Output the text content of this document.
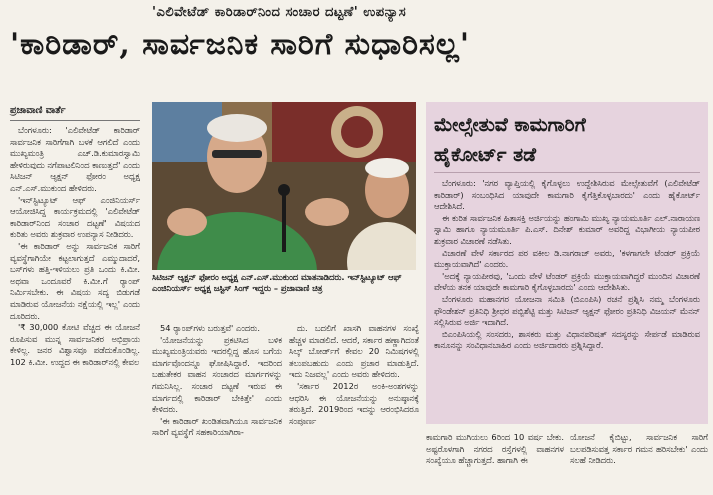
'ಎಲಿವೇಟೆಡ್ ಕಾರಿಡಾರ್‌ನಿಂದ ಸಂಚಾರ ದಟ್ಟಣೆ' ಉಪನ್ಯಾಸ
'ಕಾರಿಡಾರ್, ಸಾರ್ವಜನಿಕ ಸಾರಿಗೆ ಸುಧಾರಿಸಲ್ಲ'
ಪ್ರಜಾವಾಣಿ ವಾರ್ತೆ

ಬೆಂಗಳೂರು: 'ಎಲಿವೇಟೆಡ್ ಕಾರಿಡಾರ್ ಸಾರ್ವಜನಿಕ ಸಾರಿಗೆಗಾಗಿ ಬಳಕೆ ಆಗಲಿದೆ ಎಂದು ಮುಖ್ಯಮಂತ್ರಿ ಎಚ್.ಡಿ.ಕುಮಾರಸ್ವಾಮಿ ಹೇಳಿರುವುದು ನಗೆಪಾಟಲಿನಿಂದ ಕಾಣುತ್ತದೆ' ಎಂದು ಸಿಟಿಜನ್ ಆ್ಯಕ್ಷನ್ ಫೋರಂ ಅಧ್ಯಕ್ಷ ಎನ್.ಎಸ್.ಮುಕುಂದ ಹೇಳಿದರು.

'ಇನ್‌ಸ್ಟಿಟ್ಯೂಟ್ ಆಫ್ ಎಂಜಿನಿಯರ್ಸ್ ಆಯೋಜಿಸಿದ್ದ ಕಾರ್ಯಕ್ರಮದಲ್ಲಿ 'ಎಲಿವೇಟೆಡ್ ಕಾರಿಡಾರ್‌ನಿಂದ ಸಂಚಾರ ದಟ್ಟಣೆ' ವಿಷಯದ ಕುರಿತು ಅವರು ಶುಕ್ರವಾರ ಉಪನ್ಯಾಸ ನೀಡಿದರು.

'ಈ ಕಾರಿಡಾರ್ ಅನ್ನು ಸಾರ್ವಜನಿಕ ಸಾರಿಗೆ ವ್ಯವಸ್ಥೆಗಾಗಿಯೇ ಕಟ್ಟಲಾಗುತ್ತದೆ ಎಮ್ಮುದಾದರೆ, ಬಸ್‌ಗಳು ಹತ್ತಿ-ಇಳಿಯಲು ಪ್ರತಿ ಒಂದು ಕಿ.ಮೀ. ಅಥವಾ ಒಂದೂವರೆ ಕಿ.ಮೀ.ಗೆ ರ‍್ಯಾಂಪ್ ನಿರ್ಮಿಸಬೇಕು. ಈ ವಿಷಯ ಸದ್ಯ ಬಿಡುಗಡೆ ಮಾಡಿರುವ ಯೋಜನೆಯ ನಕ್ಷೆಯಲ್ಲಿ ಇಲ್ಲ' ಎಂದು ದೂರಿದರು.

'₹ 30,000 ಕೋಟಿ ವೆಚ್ಚದ ಈ ಯೋಜನೆ ರೂಪಿಸುವ ಮುನ್ನ ಸಾರ್ವಜನಿಕರ ಅಭಿಪ್ರಾಯ ಕೇಳಿಲ್ಲ. ಜನರ ವಿಶ್ವಾಸವೂ ಪಡೆದುಕೊಂಡಿಲ್ಲ. 102 ಕಿ.ಮೀ. ಉದ್ದದ ಈ ಕಾರಿಡಾರ್‌ನಲ್ಲಿ ಕೇವಲ

ಸಿಟಿಜನ್ ಆ್ಯಕ್ಷನ್ ಫೋರಂ ಅಧ್ಯಕ್ಷ ಎನ್.ಎಸ್.ಮುಕುಂದ ಮಾತನಾಡಿದರು. ಇನ್‌ಸ್ಟಿಟ್ಯೂಟ್ ಆಫ್ ಎಂಜಿನಿಯರ್ಸ್ ಅಧ್ಯಕ್ಷ ಜಸ್ಟಿಸ್ ಸಿಂಗ್ ಇದ್ದರು – ಪ್ರಜಾವಾಣಿ ಚಿತ್ರ

54 ರ‍್ಯಾಂಪ್‌ಗಳು ಬರುತ್ತವೆ' ಎಂದರು.

'ಯೋಜನೆಯನ್ನು ಪ್ರಕಟಿಸಿದ ಬಳಿಕ ಮುಖ್ಯಮಂತ್ರಿಯವರು ಇದರಲ್ಲಿದ್ದ ಹೊಸ ಬಗೆಯ ಮಾರ್ಗವೊಂದನ್ನೂ ಘೋಷಿಸಿದ್ದಾರೆ. ಇದರಿಂದ ಬಹುತೇಕರ ವಾಹನ ಸಂಚಾರದ ಮಾರ್ಗಗಳನ್ನು ಗಮನಿಸಿಲ್ಲ. ಸಂಚಾರ ದಟ್ಟಣೆ ಇರುವ ಈ ಮಾರ್ಗದಲ್ಲಿ ಕಾರಿಡಾರ್ ಬೇಕಿತ್ತೇ' ಎಂದು ಕೇಳಿದರು.

'ಈ ಕಾರಿಡಾರ್ ಖಂಡಿತವಾಗಿಯೂ ಸಾರ್ವಜನಿಕ ಸಾರಿಗೆ ವ್ಯವಸ್ಥೆಗೆ ಸಹಕಾರಿಯಾಗಿರಾ-

ದು. ಬದಲಿಗೆ ಖಾಸಗಿ ವಾಹನಗಳ ಸಂಖ್ಯೆ ಹೆಚ್ಚಳ ಮಾಡಲಿದೆ. ಆದರೆ, ಸರ್ಕಾರ ಹಣ್ಣಾಗಿದಂತೆ ಸಿಲ್ಕ್ ಬೋರ್ಡ್‌ಗೆ ಕೇವಲ 20 ನಿಮಿಷಗಳಲ್ಲಿ ತಲುಪಬಹುದು ಎಂದು ಪ್ರಚಾರ ಮಾಡುತ್ತಿದೆ. ಇದು ನಿಜವಲ್ಲ' ಎಂದು ಅವರು ಹೇಳಿದರು.

'ಸರ್ಕಾರ 2012ರ ಅಂಕಿ-ಅಂಶಗಳನ್ನು ಆಧರಿಸಿ ಈ ಯೋಜನೆಯನ್ನು ಅನುಷ್ಠಾನಕ್ಕೆ ತರುತ್ತಿದೆ. 2019ರಿಂದ ಇದನ್ನು ಆರಂಭಿಸಿದರೂ ಸಂಪೂರ್ಣ

ಮೇಲ್ಸೇತುವೆ ಕಾಮಗಾರಿಗೆ
ಹೈಕೋರ್ಟ್ ತಡೆ

ಬೆಂಗಳೂರು: 'ನಗರ ವ್ಯಾಪ್ತಿಯಲ್ಲಿ ಕೈಗೊಳ್ಳಲು ಉದ್ದೇಶಿಸಿರುವ ಮೇಲ್ಸೇತುವೆಗೆ (ಎಲಿವೇಟೆಡ್ ಕಾರಿಡಾರ್) ಸಂಬಂಧಿಸಿದ ಯಾವುದೇ ಕಾಮಗಾರಿ ಕೈಗೆತ್ತಿಕೊಳ್ಳಬಾರದು' ಎಂದು ಹೈಕೋರ್ಟ್ ಆದೇಶಿಸಿದೆ.

ಈ ಕುರಿತ ಸಾರ್ವಜನಿಕ ಹಿತಾಸಕ್ತಿ ಅರ್ಜಿಯನ್ನು ಹಂಗಾಮಿ ಮುಖ್ಯ ನ್ಯಾಯಮೂರ್ತಿ ಎಲ್.ನಾರಾಯಣ ಸ್ವಾಮಿ ಹಾಗೂ ನ್ಯಾಯಮೂರ್ತಿ ಪಿ.ಎಸ್. ದಿನೇಶ್ ಕುಮಾರ್ ಅವರಿದ್ದ ವಿಭಾಗೀಯ ನ್ಯಾಯಪೀಠ ಶುಕ್ರವಾರ ವಿಚಾರಣೆ ನಡೆಸಿತು.

ವಿಚಾರಣೆ ವೇಳೆ ಸರ್ಕಾರದ ಪರ ವಕೀಲ ಡಿ.ನಾಗರಾಜ್ ಅವರು, 'ಕಳಗಾಗಲೇ ಟೆಂಡರ್ ಪ್ರಕ್ರಿಯೆ ಮುಕ್ತಾಯವಾಗಿದೆ' ಎಂದರು.

'ಅದಕ್ಕೆ ನ್ಯಾಯಪೀಠವು, 'ಒಂದು ವೇಳೆ ಟೆಂಡರ್ ಪ್ರಕ್ರಿಯೆ ಮುಕ್ತಾಯವಾಗಿದ್ದರೆ ಮುಂದಿನ ವಿಚಾರಣೆ ವೇಳೆಯ ತನಕ ಯಾವುದೇ ಕಾಮಗಾರಿ ಕೈಗೊಳ್ಳಬಾರದು' ಎಂದು ಆದೇಶಿಸಿತು.

ಬೆಂಗಳೂರು ಮಹಾನಗರ ಯೋಜನಾ ಸಮಿತಿ (ಬಿಎಂಪಿಸಿ) ರಚನೆ ಪ್ರಶ್ನಿಸಿ ನಮ್ಮ ಬೆಂಗಳೂರು ಫೌಂಡೇಶನ್ ಪ್ರತಿನಿಧಿ ಶ್ರೀಧರ ಪಬ್ಬಿಶೆಟ್ಟಿ ಮತ್ತು ಸಿಟಿಜನ್ ಆ್ಯಕ್ಷನ್ ಫೋರಂ ಪ್ರತಿನಿಧಿ ವಿಜಯನ್ ಮೆನನ್ ಸಲ್ಲಿಸಿರುವ ಅರ್ಜಿ ಇದಾಗಿದೆ.

ಬಿಎಂಪಿಸಿಯಲ್ಲಿ ಸಂಸದರು, ಶಾಸಕರು ಮತ್ತು ವಿಧಾನಪರಿಷತ್ ಸದಸ್ಯರನ್ನು ಸೇರ್ಪಡೆ ಮಾಡಿರುವ ಕಾನೂನನ್ನು ಸಂವಿಧಾನಬಾಹಿರ ಎಂದು ಅರ್ಜಿದಾರರು ಪ್ರಶ್ನಿಸಿದ್ದಾರೆ.

ಕಾಮಗಾರಿ ಮುಗಿಯಲು 6ರಿಂದ 10 ವರ್ಷ ಬೇಕು. ಅಷ್ಟರೊಳಗಾಗಿ ನಗರದ ರಸ್ತೆಗಳಲ್ಲಿ ವಾಹನಗಳ ಸಂಖ್ಯೆಯೂ ಹೆಚ್ಚಾಗುತ್ತದೆ. ಹಾಗಾಗಿ ಈ

ಯೋಜನೆ ಕೈಬಿಟ್ಟು, ಸಾರ್ವಜನಿಕ ಸಾರಿಗೆ ಬಲಪಡಿಸುವತ್ತ ಸರ್ಕಾರ ಗಮನ ಹರಿಸಬೇಕು' ಎಂದು ಸಲಹೆ ನೀಡಿದರು.
